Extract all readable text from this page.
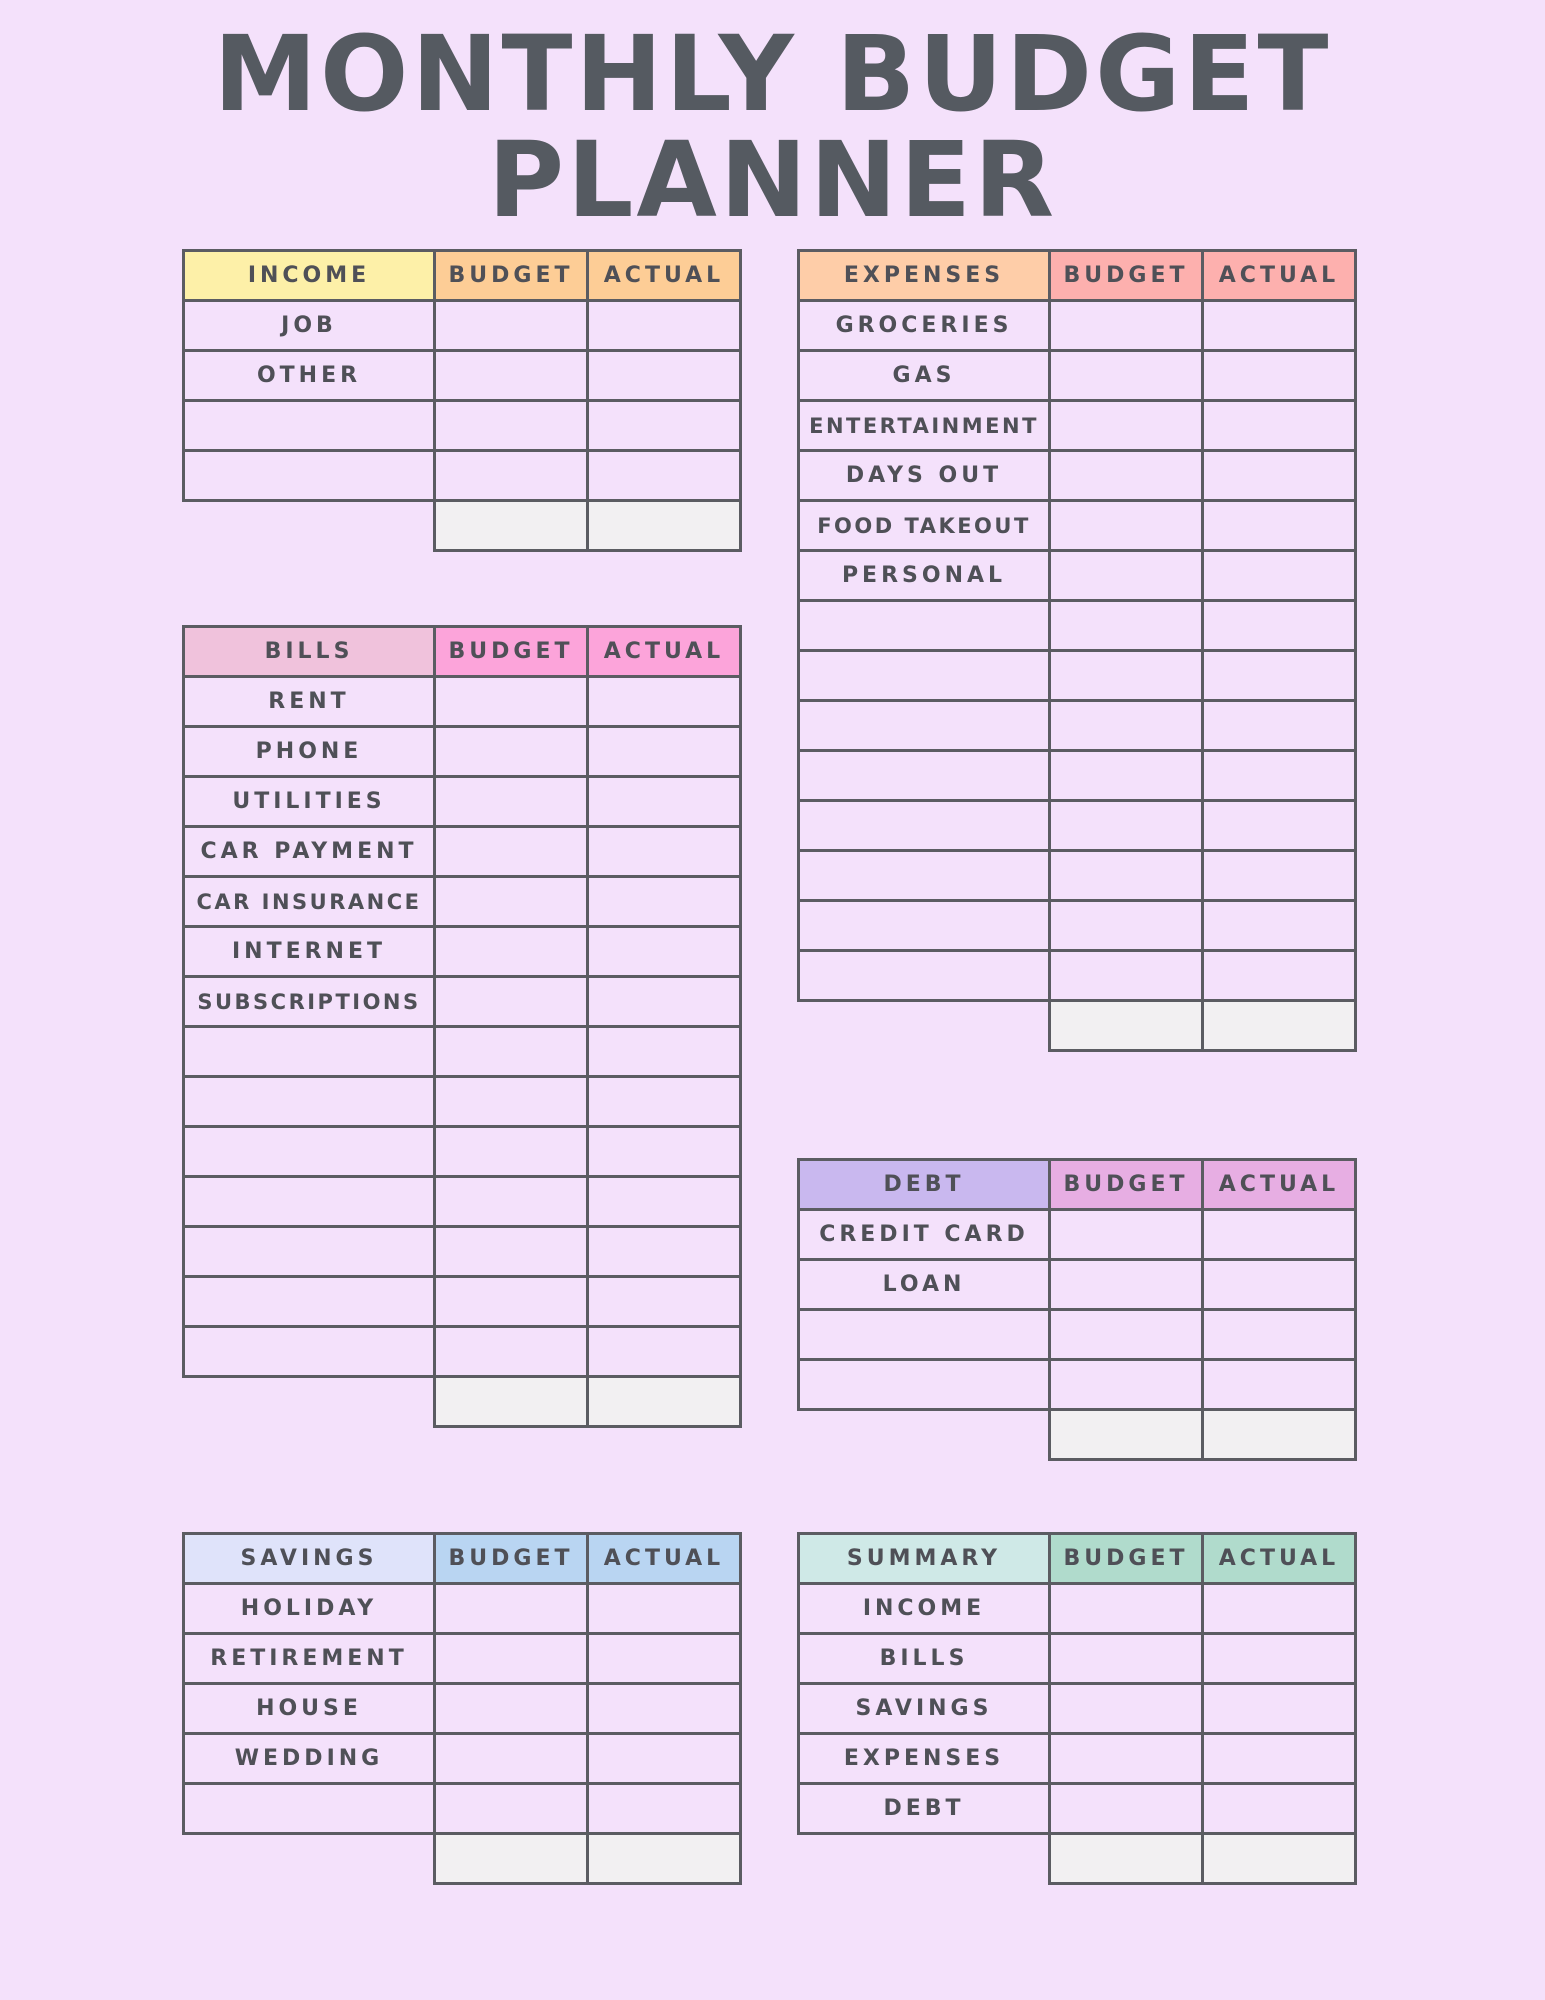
MONTHLY BUDGET
PLANNER
INCOME	BUDGET	ACTUAL
JOB		
OTHER		

BILLS	BUDGET	ACTUAL
RENT		
PHONE		
UTILITIES		
CAR PAYMENT		
CAR INSURANCE		
INTERNET		
SUBSCRIPTIONS		

SAVINGS	BUDGET	ACTUAL
HOLIDAY		
RETIREMENT		
HOUSE		
WEDDING		

EXPENSES	BUDGET	ACTUAL
GROCERIES		
GAS		
ENTERTAINMENT		
DAYS OUT		
FOOD TAKEOUT		
PERSONAL		

DEBT	BUDGET	ACTUAL
CREDIT CARD		
LOAN		

SUMMARY	BUDGET	ACTUAL
INCOME		
BILLS		
SAVINGS		
EXPENSES		
DEBT		
